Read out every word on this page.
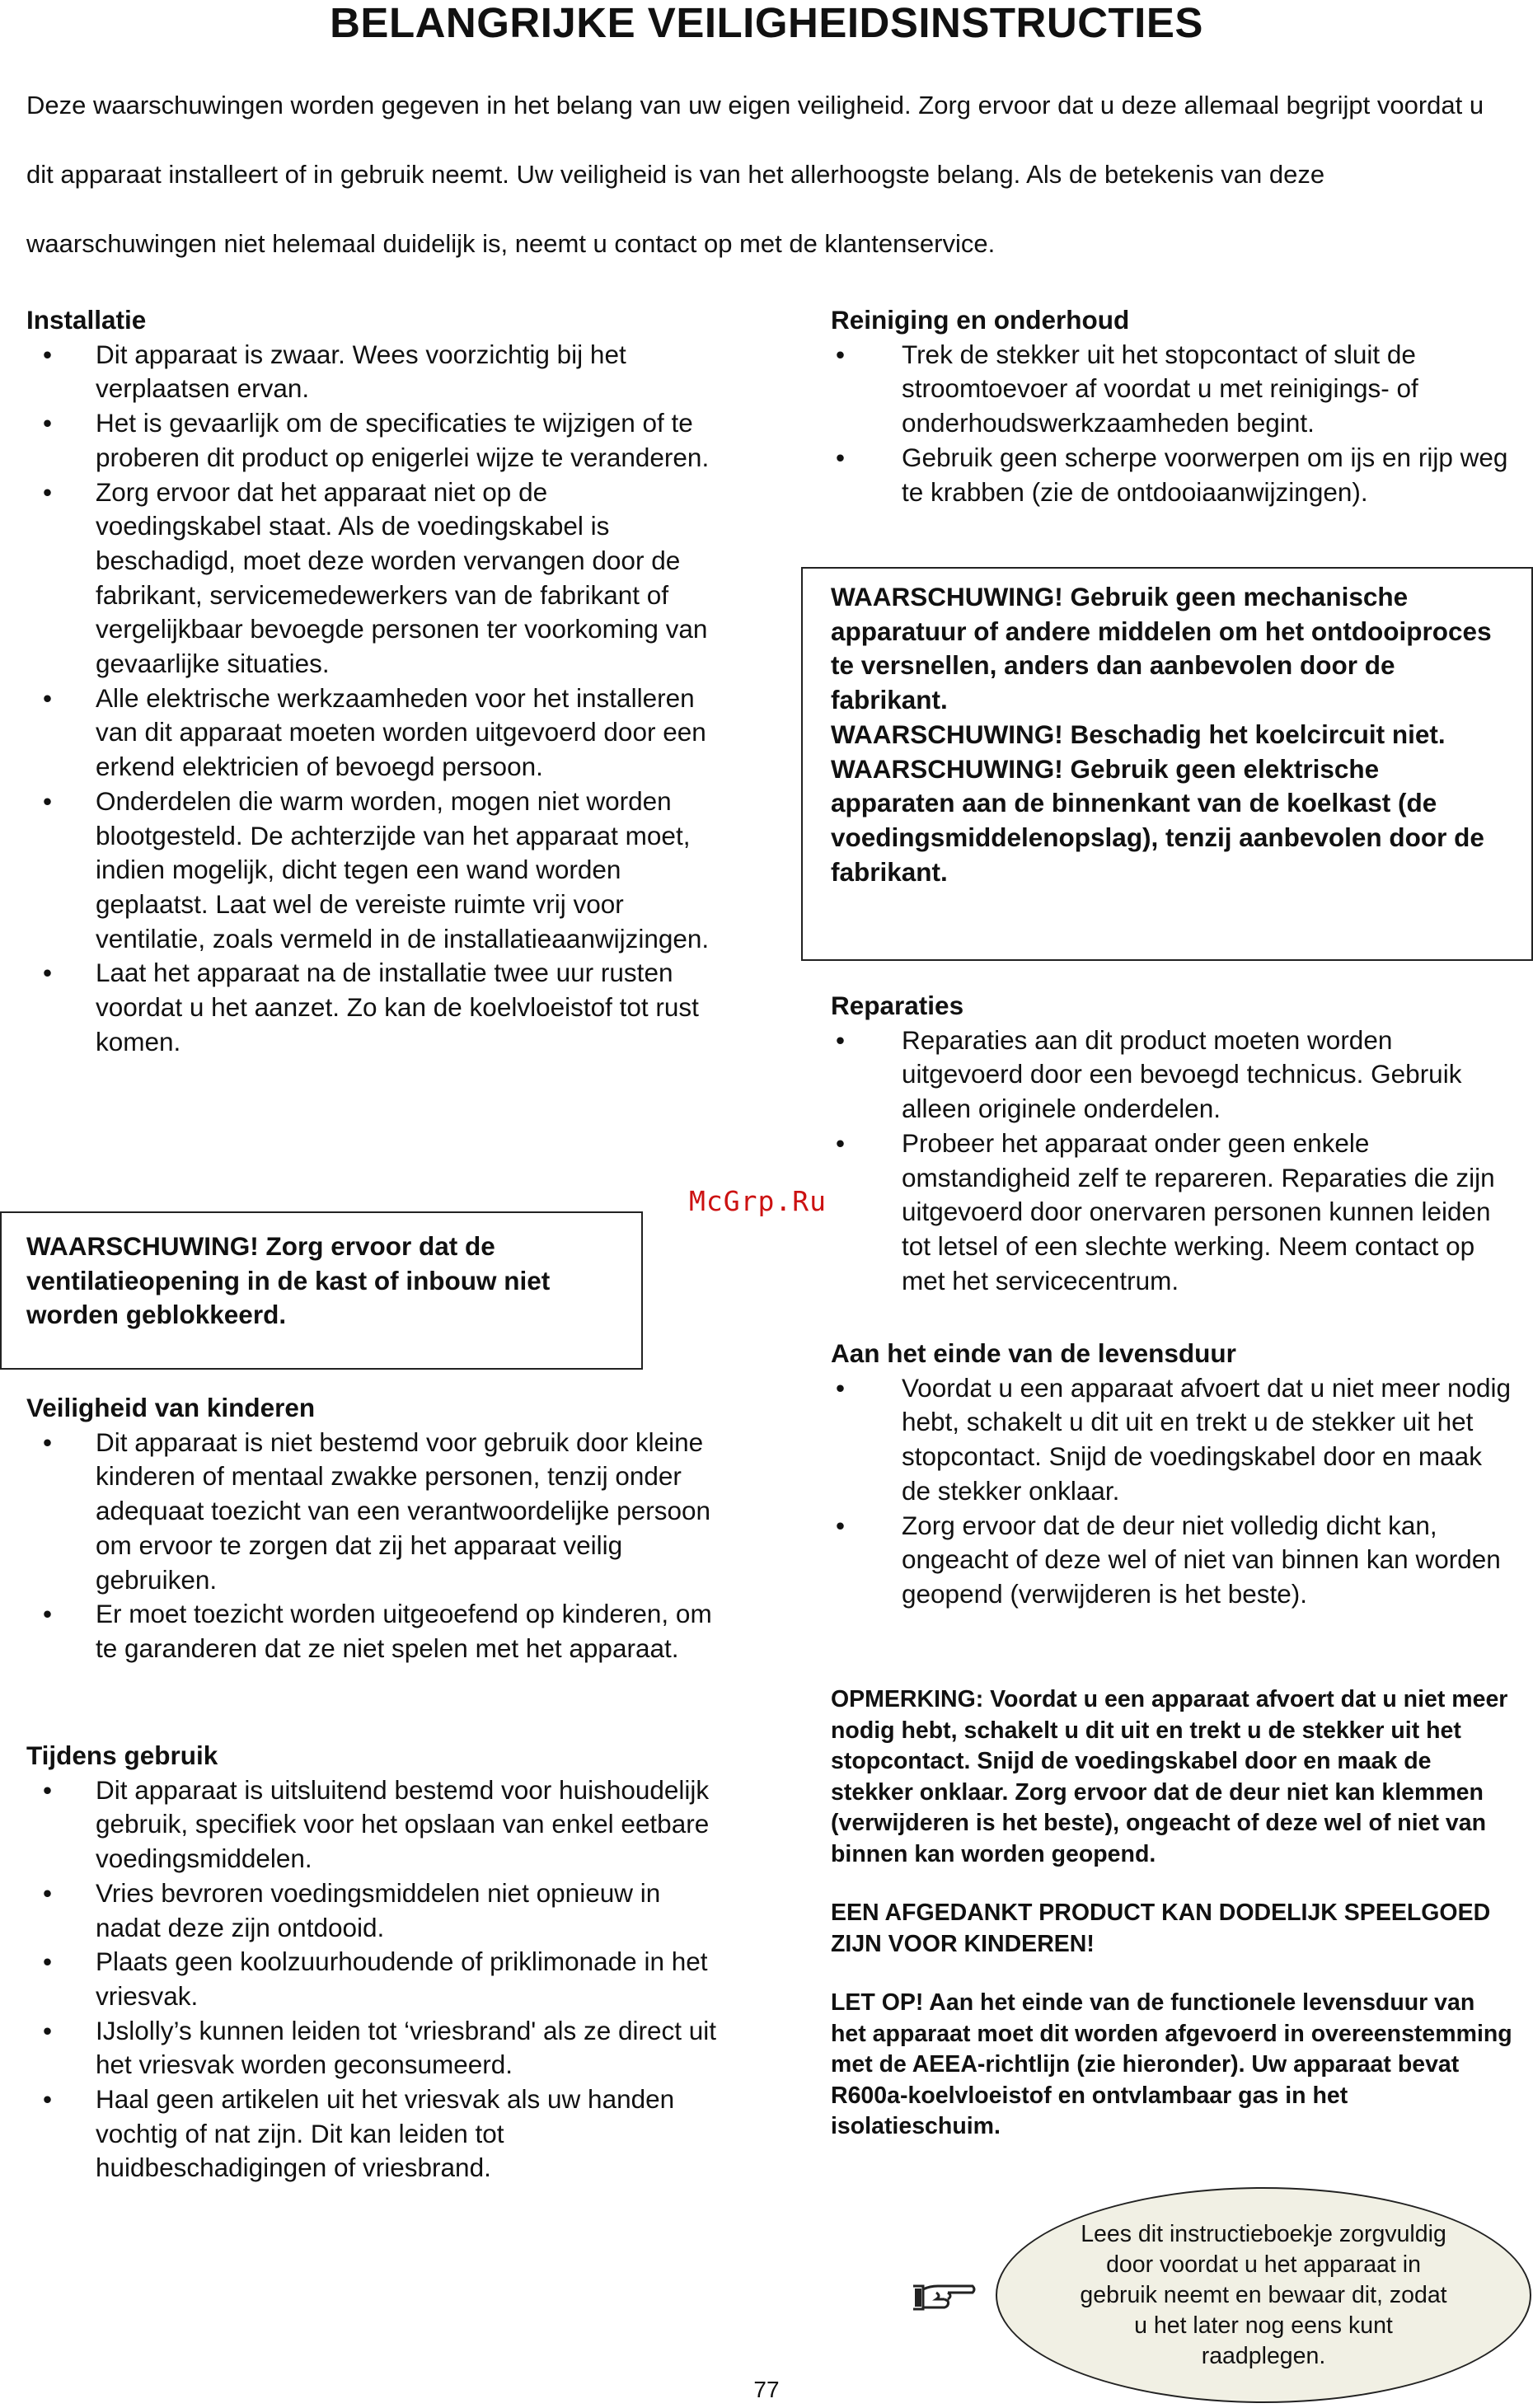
BELANGRIJKE VEILIGHEIDSINSTRUCTIES

Deze waarschuwingen worden gegeven in het belang van uw eigen veiligheid. Zorg ervoor dat u deze allemaal begrijpt voordat u dit apparaat installeert of in gebruik neemt. Uw veiligheid is van het allerhoogste belang. Als de betekenis van deze waarschuwingen niet helemaal duidelijk is, neemt u contact op met de klantenservice.

Installatie

• Dit apparaat is zwaar. Wees voorzichtig bij het verplaatsen ervan.
• Het is gevaarlijk om de specificaties te wijzigen of te proberen dit product op enigerlei wijze te veranderen.
• Zorg ervoor dat het apparaat niet op de voedingskabel staat. Als de voedingskabel is beschadigd, moet deze worden vervangen door de fabrikant, servicemedewerkers van de fabrikant of vergelijkbaar bevoegde personen ter voorkoming van gevaarlijke situaties.
• Alle elektrische werkzaamheden voor het installeren van dit apparaat moeten worden uitgevoerd door een erkend elektricien of bevoegd persoon.
• Onderdelen die warm worden, mogen niet worden blootgesteld. De achterzijde van het apparaat moet, indien mogelijk, dicht tegen een wand worden geplaatst. Laat wel de vereiste ruimte vrij voor ventilatie, zoals vermeld in de installatieaanwijzingen.
• Laat het apparaat na de installatie twee uur rusten voordat u het aanzet. Zo kan de koelvloeistof tot rust komen.
WAARSCHUWING! Zorg ervoor dat de ventilatieopening in de kast of inbouw niet worden geblokkeerd.

Veiligheid van kinderen

• Dit apparaat is niet bestemd voor gebruik door kleine kinderen of mentaal zwakke personen, tenzij onder adequaat toezicht van een verantwoordelijke persoon om ervoor te zorgen dat zij het apparaat veilig gebruiken.
• Er moet toezicht worden uitgeoefend op kinderen, om te garanderen dat ze niet spelen met het apparaat.

Tijdens gebruik

• Dit apparaat is uitsluitend bestemd voor huishoudelijk gebruik, specifiek voor het opslaan van enkel eetbare voedingsmiddelen.
• Vries bevroren voedingsmiddelen niet opnieuw in nadat deze zijn ontdooid.
• Plaats geen koolzuurhoudende of priklimonade in het vriesvak.
• IJslolly’s kunnen leiden tot ‘vriesbrand' als ze direct uit het vriesvak worden geconsumeerd.
• Haal geen artikelen uit het vriesvak als uw handen vochtig of nat zijn. Dit kan leiden tot huidbeschadigingen of vriesbrand.

Reiniging en onderhoud

• Trek de stekker uit het stopcontact of sluit de stroomtoevoer af voordat u met reinigings- of onderhoudswerkzaamheden begint.
• Gebruik geen scherpe voorwerpen om ijs en rijp weg te krabben (zie de ontdooiaanwijzingen).

WAARSCHUWING! Gebruik geen mechanische apparatuur of andere middelen om het ontdooiproces te versnellen, anders dan aanbevolen door de fabrikant.

WAARSCHUWING! Beschadig het koelcircuit niet.

WAARSCHUWING! Gebruik geen elektrische apparaten aan de binnenkant van de koelkast (de voedingsmiddelenopslag), tenzij aanbevolen door de fabrikant.

Reparaties

• Reparaties aan dit product moeten worden uitgevoerd door een bevoegd technicus. Gebruik alleen originele onderdelen.
• Probeer het apparaat onder geen enkele omstandigheid zelf te repareren. Reparaties die zijn uitgevoerd door onervaren personen kunnen leiden tot letsel of een slechte werking. Neem contact op met het servicecentrum.

Aan het einde van de levensduur

• Voordat u een apparaat afvoert dat u niet meer nodig hebt, schakelt u dit uit en trekt u de stekker uit het stopcontact. Snijd de voedingskabel door en maak de stekker onklaar.
• Zorg ervoor dat de deur niet volledig dicht kan, ongeacht of deze wel of niet van binnen kan worden geopend (verwijderen is het beste).

OPMERKING: Voordat u een apparaat afvoert dat u niet meer nodig hebt, schakelt u dit uit en trekt u de stekker uit het stopcontact. Snijd de voedingskabel door en maak de stekker onklaar. Zorg ervoor dat de deur niet kan klemmen (verwijderen is het beste), ongeacht of deze wel of niet van binnen kan worden geopend.

EEN AFGEDANKT PRODUCT KAN DODELIJK SPEELGOED ZIJN VOOR KINDEREN!

LET OP! Aan het einde van de functionele levensduur van het apparaat moet dit worden afgevoerd in overeenstemming met de AEEA-richtlijn (zie hieronder). Uw apparaat bevat R600a-koelvloeistof en ontvlambaar gas in het isolatieschuim.

McGrp.Ru
Lees dit instructieboekje zorgvuldig door voordat u het apparaat in gebruik neemt en bewaar dit, zodat u het later nog eens kunt raadplegen.
77
